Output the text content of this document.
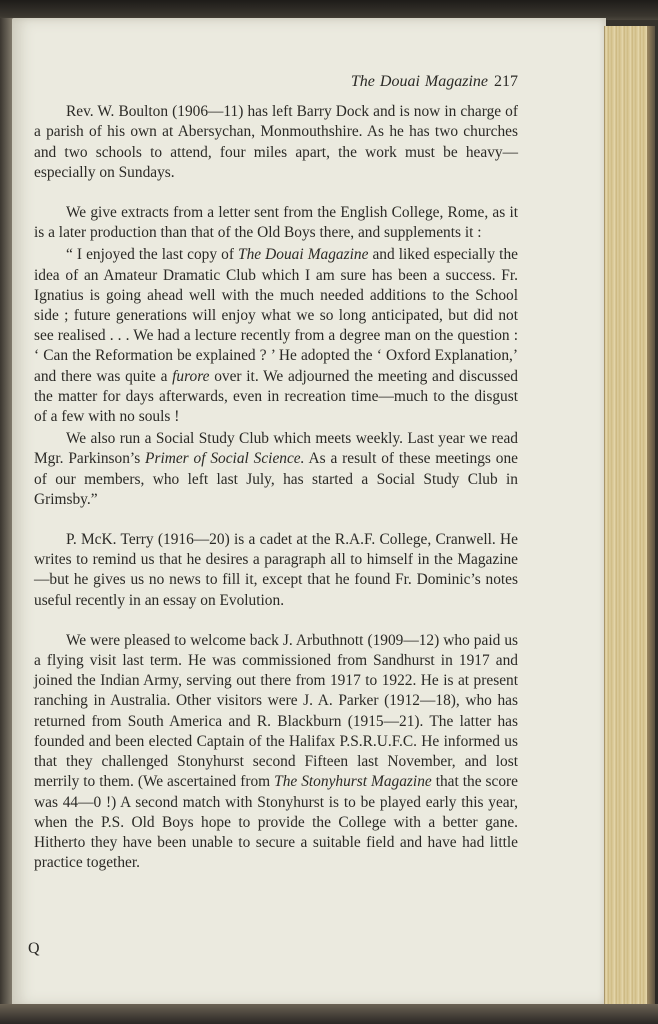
The Douai Magazine 217

Rev. W. Boulton (1906—11) has left Barry Dock and is now in charge of a parish of his own at Abersychan, Monmouthshire. As he has two churches and two schools to attend, four miles apart, the work must be heavy—especially on Sundays.

We give extracts from a letter sent from the English College, Rome, as it is a later production than that of the Old Boys there, and supplements it :

“ I enjoyed the last copy of The Douai Magazine and liked especially the idea of an Amateur Dramatic Club which I am sure has been a success. Fr. Ignatius is going ahead well with the much needed additions to the School side ; future generations will enjoy what we so long anticipated, but did not see realised . . . We had a lecture recently from a degree man on the question : ‘ Can the Reformation be explained ? ’ He adopted the ‘ Oxford Explanation,’ and there was quite a furore over it. We adjourned the meeting and discussed the matter for days afterwards, even in recreation time—much to the disgust of a few with no souls !

We also run a Social Study Club which meets weekly. Last year we read Mgr. Parkinson’s Primer of Social Science. As a result of these meetings one of our members, who left last July, has started a Social Study Club in Grimsby.”

P. McK. Terry (1916—20) is a cadet at the R.A.F. College, Cranwell. He writes to remind us that he desires a paragraph all to himself in the Magazine—but he gives us no news to fill it, except that he found Fr. Dominic’s notes useful recently in an essay on Evolution.

We were pleased to welcome back J. Arbuthnott (1909—12) who paid us a flying visit last term. He was commissioned from Sandhurst in 1917 and joined the Indian Army, serving out there from 1917 to 1922. He is at present ranching in Australia. Other visitors were J. A. Parker (1912—18), who has returned from South America and R. Blackburn (1915—21). The latter has founded and been elected Captain of the Halifax P.S.R.U.F.C. He informed us that they challenged Stonyhurst second Fifteen last November, and lost merrily to them. (We ascertained from The Stonyhurst Magazine that the score was 44—0 !) A second match with Stonyhurst is to be played early this year, when the P.S. Old Boys hope to provide the College with a better gane. Hitherto they have been unable to secure a suitable field and have had little practice together.

Q
